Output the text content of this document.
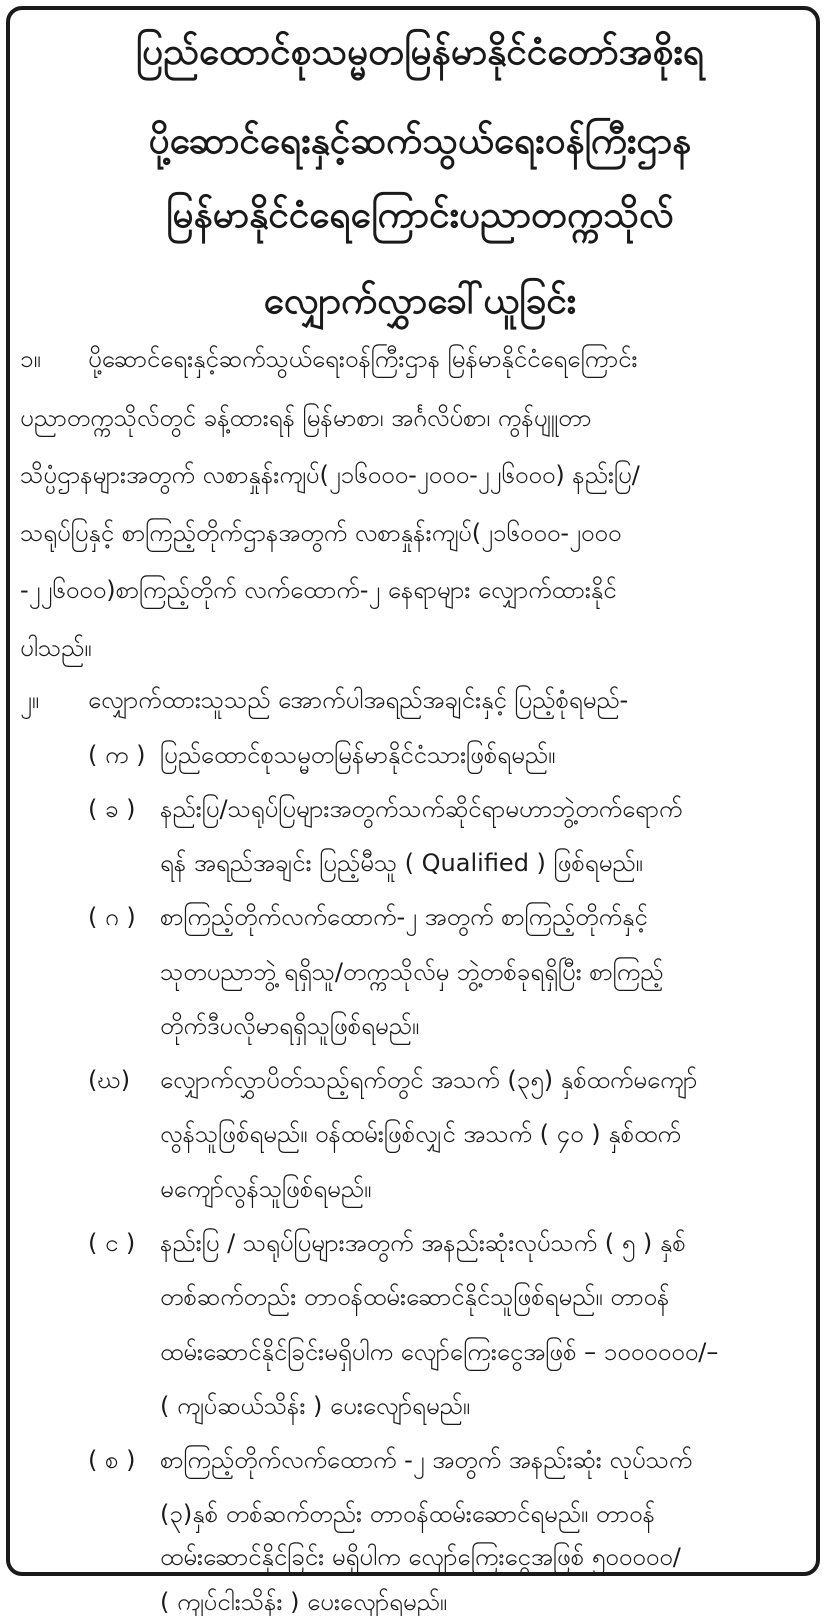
ပြည်ထောင်စုသမ္မတမြန်မာနိုင်ငံတော်အစိုးရ
ပို့ဆောင်ရေးနှင့်ဆက်သွယ်ရေးဝန်ကြီးဌာန
မြန်မာနိုင်ငံရေကြောင်းပညာတက္ကသိုလ်
လျှောက်လွှာခေါ်ယူခြင်း
၁။ ပို့ဆောင်ရေးနှင့်ဆက်သွယ်ရေးဝန်ကြီးဌာန မြန်မာနိုင်ငံရေကြောင်း
ပညာတက္ကသိုလ်တွင် ခန့်ထားရန် မြန်မာစာ၊ အင်္ဂလိပ်စာ၊ ကွန်ပျူတာ
သိပ္ပံဌာနများအတွက် လစာနှုန်းကျပ်(၂၁၆၀၀၀-၂၀၀၀-၂၂၆၀၀၀) နည်းပြ/
သရုပ်ပြနှင့် စာကြည့်တိုက်ဌာနအတွက် လစာနှုန်းကျပ်(၂၁၆၀၀၀-၂၀၀၀
-၂၂၆၀၀၀)စာကြည့်တိုက် လက်ထောက်-၂ နေရာများ လျှောက်ထားနိုင်
ပါသည်။
၂။ လျှောက်ထားသူသည် အောက်ပါအရည်အချင်းနှင့် ပြည့်စုံရမည်-
( က ) ပြည်ထောင်စုသမ္မတမြန်မာနိုင်ငံသားဖြစ်ရမည်။
( ခ ) နည်းပြ/သရုပ်ပြများအတွက်သက်ဆိုင်ရာမဟာဘွဲ့တက်ရောက်
ရန် အရည်အချင်း ပြည့်မီသူ ( Qualified ) ဖြစ်ရမည်။
( ဂ ) စာကြည့်တိုက်လက်ထောက်-၂ အတွက် စာကြည့်တိုက်နှင့်
သုတပညာဘွဲ့ ရရှိသူ/တက္ကသိုလ်မှ ဘွဲ့တစ်ခုရရှိပြီး စာကြည့်
တိုက်ဒီပလိုမာရရှိသူဖြစ်ရမည်။
(ဃ) လျှောက်လွှာပိတ်သည့်ရက်တွင် အသက် (၃၅) နှစ်ထက်မကျော်
လွန်သူဖြစ်ရမည်။ ဝန်ထမ်းဖြစ်လျှင် အသက် ( ၄၀ ) နှစ်ထက်
မကျော်လွန်သူဖြစ်ရမည်။
( င ) နည်းပြ / သရုပ်ပြများအတွက် အနည်းဆုံးလုပ်သက် ( ၅ ) နှစ်
တစ်ဆက်တည်း တာဝန်ထမ်းဆောင်နိုင်သူဖြစ်ရမည်။ တာဝန်
ထမ်းဆောင်နိုင်ခြင်းမရှိပါက လျော်ကြေးငွေအဖြစ် – ၁၀၀၀၀၀၀/–
( ကျပ်ဆယ်သိန်း ) ပေးလျော်ရမည်။
( စ ) စာကြည့်တိုက်လက်ထောက် -၂ အတွက် အနည်းဆုံး လုပ်သက်
(၃)နှစ် တစ်ဆက်တည်း တာဝန်ထမ်းဆောင်ရမည်။ တာဝန်
ထမ်းဆောင်နိုင်ခြင်း မရှိပါက လျော်ကြေးငွေအဖြစ် ၅၀၀၀၀၀/
( ကျပ်ငါးသိန်း ) ပေးလျော်ရမည်။
